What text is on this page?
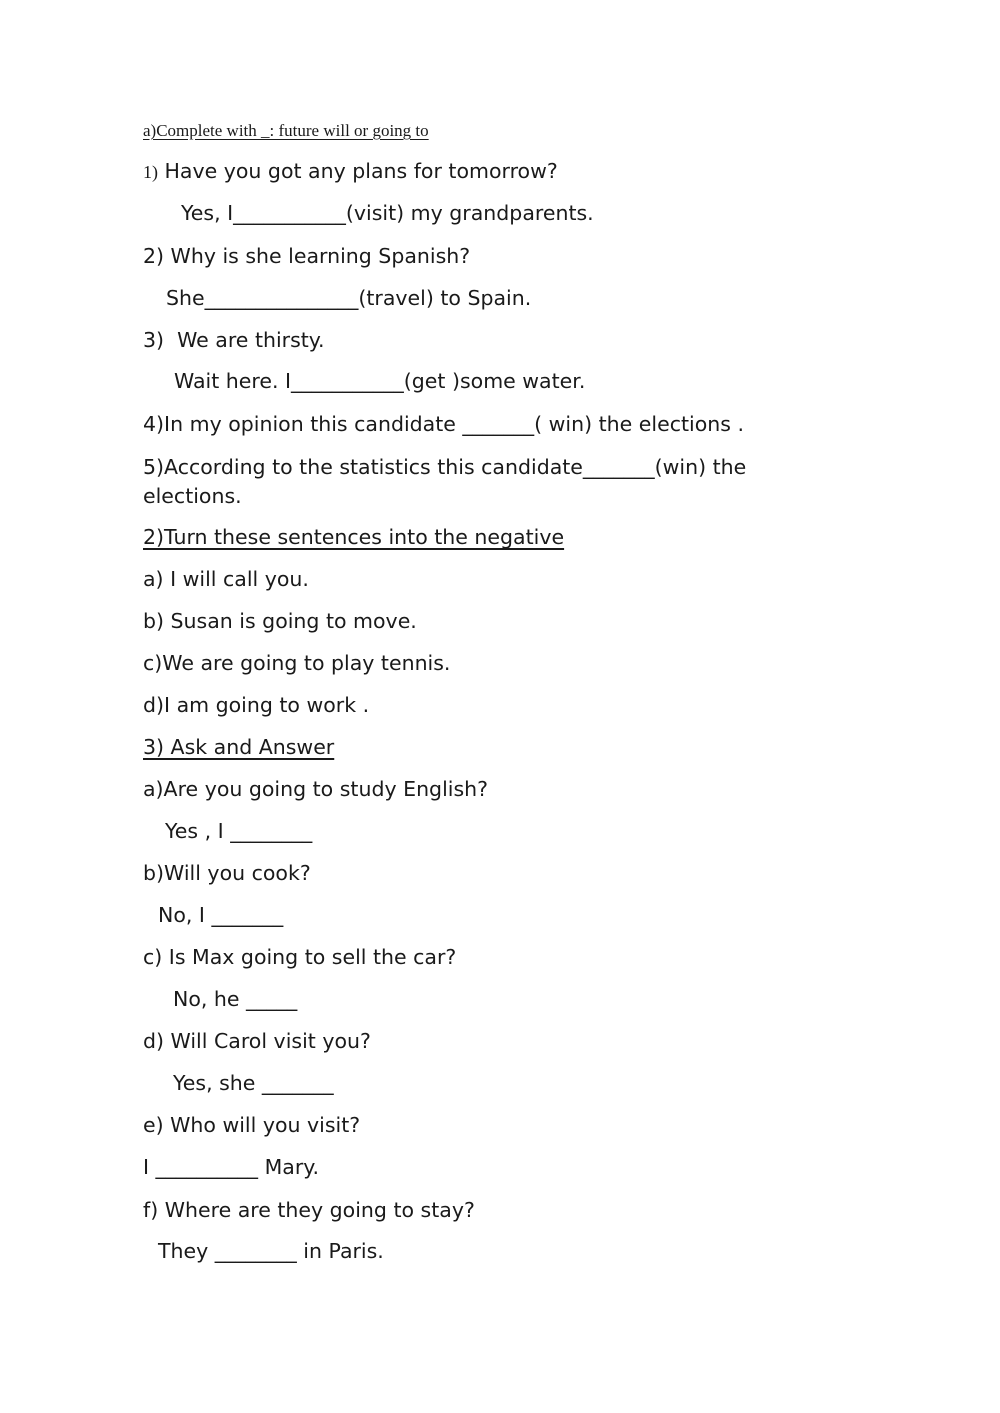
a)Complete with _: future will or going to
1) Have you got any plans for tomorrow?
Yes, I___________(visit) my grandparents.
2) Why is she learning Spanish?
She_______________(travel) to Spain.
3)  We are thirsty.
Wait here. I___________(get )some water.
4)In my opinion this candidate _______( win) the elections .
5)According to the statistics this candidate_______(win) the elections.
2)Turn these sentences into the negative
a) I will call you.
b) Susan is going to move.
c)We are going to play tennis.
d)I am going to work .
3) Ask and Answer
a)Are you going to study English?
Yes , I ________
b)Will you cook?
No, I _______
c) Is Max going to sell the car?
No, he _____
d) Will Carol visit you?
Yes, she _______
e) Who will you visit?
I __________ Mary.
f) Where are they going to stay?
They ________ in Paris.
